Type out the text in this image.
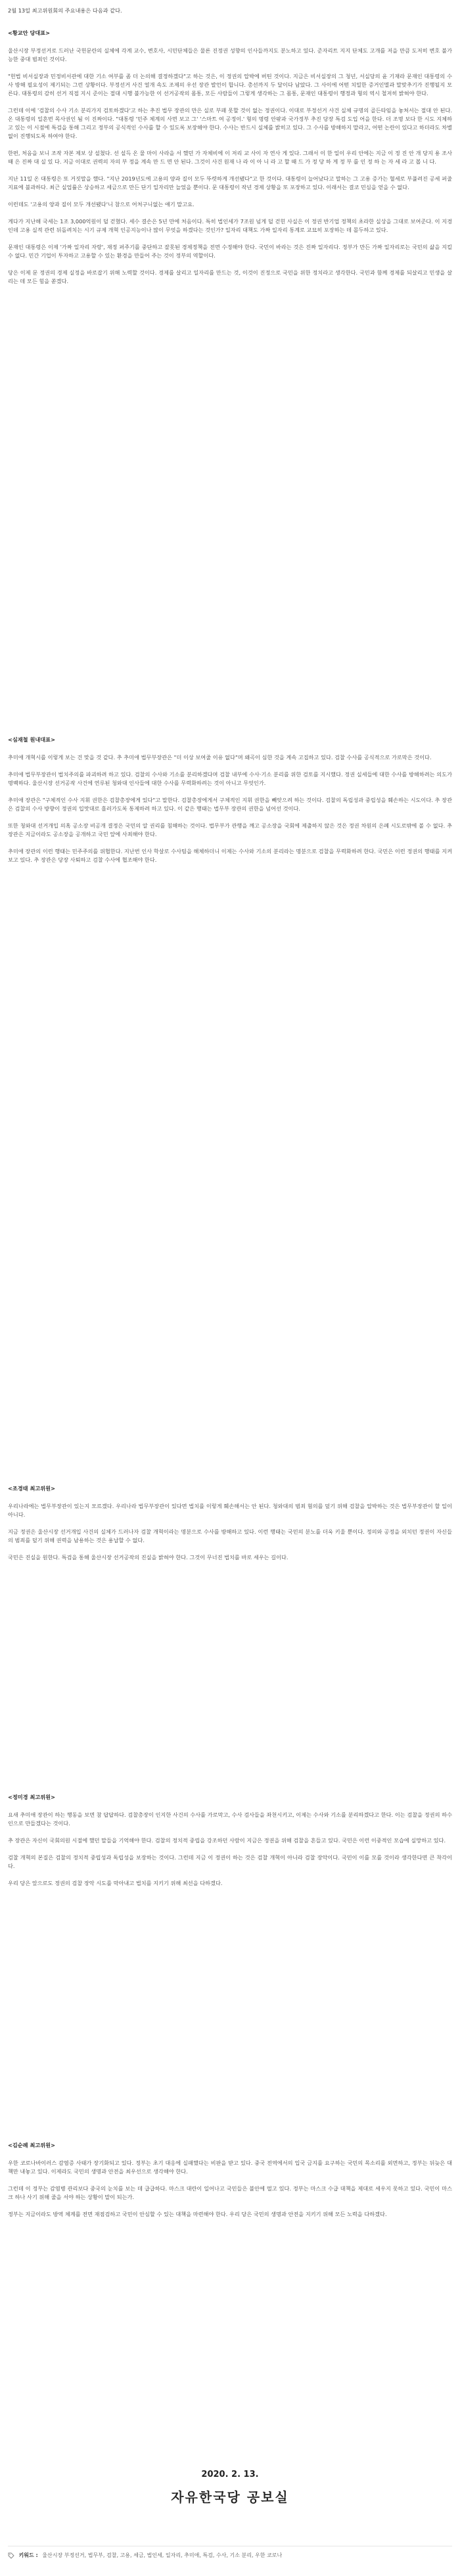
2월 13일 최고위원회의 주요내용은 다음과 같다.
<황교안 당대표>

울산시장 부정선거로 드러난 국헌문란의 실체에 각계 교수, 변호사, 시민단체들은 물론 진정권 성향의 인사들까지도 분노하고 있다. 준자리트 지지 단체도 고개를 저을 만큼 도저히 변호 불가능한 중대 범죄인 것이다.

"헌법 비서실장과 민정비서관에 대한 기소 여부를 좀 더 논의해 결정하겠다"고 하는 것은, 이 정권의 압박에 버틴 것이다. 지금은 비서실장의 그 청년, 서실당의 윤 기재라 문재인 대통령의 수사 방해 필요성이 제기되는 그런 상황이다. 부정선거 사건 얼개 속도 조제의 우선 장관 발언이 합니다. 총선까지 두 달이다 남았다. 그 사이에 어떤 치밀한 증거인멸과 말맞추기가 진행될지 모른다. 대통령의 감히 선거 직접 지시 준이는 절대 시행 불가능한 이 선거공작의 몸통, 모든 사람들이 그렇게 생각하는 그 몸통, 문재인 대통령이 행정과 형의 역시 철저히 밝혀야 한다.

그런데 이에 '검찰의 수사 기소 분리가지 검토하겠다'고 하는 추진 법무 장관의 만은 실로 부패 못할 것이 없는 정권이다. 이대로 부정선거 사건 실체 규명의 골든타임을 놓쳐서는 절대 안 된다. 온 대통령의 일흔번 목사권인 됨 이 진짜이다. "대통령 '민주 체계의 사면 보고 그' '스마트 여 공정이.' 형의 명령 안팎과 국가정부 추진 당장 특검 도입 어을 한다. 더 조명 보다 한 시도 지체하고 있는 이 시점에 특검을 통해 그리고 정부의 공식적인 수사를 할 수 있도록 보장해야 한다. 수사는 반드시 실체를 밝히고 있다. 그 수사를 방해하지 말라고, 어떤 논란이 있다고 하더라도 차별 없이 진행되도록 하여야 한다.

한편, 처음을 보니 조작 자본 제보 상 설쳤다. 선 설득 온 물 마이 사라을 서 했던 가 자체비에 이 저리 교 사이 자 연사 게 있다. 그래서 이 한 일이 우리 안에는 지금 이 정 진 안 개 당지 용 조사 때 은 진짜 대 실 있 다. 지금 이대로 권력의 자의 부 정을 계속 만 드 면 안 된다. 그것이 사건 원재 나 라 이 아 니 라 고 할 때 드 가 정 당 하 게 정 부 를 인 정 하 는 자 세 라 고 봅 니 다.

지난 11일 온 대통령은 또 거짓말을 했다. "지난 2019년도에 고용의 양과 질이 모두 뚜렷하게 개선됐다"고 한 것이다. 대통령이 늘어났다고 말하는 그 고용 증가는 혈세로 부풀려진 공세 퍼줄 지표에 불과하다. 최근 실업률은 상승하고 세금으로 만든 단기 일자리만 늘었을 뿐이다. 문 대통령이 작년 경제 상황을 또 포장하고 있다. 이래서는 결코 민심을 얻을 수 없다.

이런데도 '고용의 양과 질이 모두 개선됐다'니 참으로 어처구니없는 얘기 말고요.

게다가 지난해 국세는 1조 3,000억원이 덜 걷혔다. 세수 결손은 5년 만에 처음이다. 특히 법인세가 7조원 넘게 덜 걷힌 사실은 이 정권 반기업 정책의 초라한 실상을 그대로 보여준다. 이 지경인데 고용 실적 관련 뒤돌려치는 시기 규제 개혁 인공지능이나 많이 무엇을 하겠다는 것인가? 일자리 대책도 가짜 일자리 통계로 교묘히 포장하는 데 몰두하고 있다.

문재인 대통령은 이제 '가짜 일자리 자랑', 재정 퍼주기를 중단하고 잘못된 경제정책을 전면 수정해야 한다. 국민이 바라는 것은 진짜 일자리다. 정부가 만든 가짜 일자리로는 국민의 삶을 지킬 수 없다. 민간 기업이 투자하고 고용할 수 있는 환경을 만들어 주는 것이 정부의 역할이다.

당은 이제 문 정권의 경제 실정을 바로잡기 위해 노력할 것이다. 경제를 살리고 일자리를 만드는 것, 이것이 진정으로 국민을 위한 정치라고 생각한다. 국민과 함께 경제를 되살리고 민생을 살리는 데 모든 힘을 쏟겠다.

<심재철 원내대표>

추미애 개혁시를 이렇게 보는 건 맞을 것 같다. 추 추미애 법무부장관은 "더 이상 보여줄 이유 없다"며 왜곡이 심한 것을 계속 고집하고 있다. 검찰 수사를 공식적으로 가로막은 것이다.

추미애 법무부장관이 법치주의를 파괴하려 하고 있다. 검찰의 수사와 기소를 분리하겠다며 검찰 내부에 수사·기소 분리를 위한 검토를 지시했다. 정권 실세들에 대한 수사를 방해하려는 의도가 명백하다. 울산시장 선거공작 사건에 연루된 청와대 인사들에 대한 수사를 무력화하려는 것이 아니고 무엇인가.

추미애 장관은 "구체적인 수사 지휘 권한은 검찰총장에게 있다"고 말한다. 검찰총장에게서 구체적인 지휘 권한을 빼앗으려 하는 것이다. 검찰의 독립성과 중립성을 훼손하는 시도이다. 추 장관은 검찰의 수사 방향이 정권의 입맛대로 흘러가도록 통제하려 하고 있다. 이 같은 행태는 법무부 장관의 권한을 넘어선 것이다.

또한 청와대 선거개입 의혹 공소장 비공개 결정은 국민의 알 권리를 침해하는 것이다. 법무부가 관행을 깨고 공소장을 국회에 제출하지 않은 것은 정권 차원의 은폐 시도로밖에 볼 수 없다. 추 장관은 지금이라도 공소장을 공개하고 국민 앞에 사죄해야 한다.

추미애 장관의 이런 행태는 민주주의를 위협한다. 지난번 인사 학살로 수사팀을 해체하더니 이제는 수사와 기소의 분리라는 명분으로 검찰을 무력화하려 한다. 국민은 이런 정권의 행태를 지켜보고 있다. 추 장관은 당장 사퇴하고 검찰 수사에 협조해야 한다.

<조경태 최고위원>

우리나라에는 법무부장관이 있는지 모르겠다. 우리나라 법무부장관이 있다면 법치를 이렇게 훼손해서는 안 된다. 청와대의 범죄 혐의를 덮기 위해 검찰을 압박하는 것은 법무부장관이 할 일이 아니다.

지금 정권은 울산시장 선거개입 사건의 실체가 드러나자 검찰 개혁이라는 명분으로 수사를 방해하고 있다. 이런 행태는 국민의 분노를 더욱 키울 뿐이다. 정의와 공정을 외치던 정권이 자신들의 범죄를 덮기 위해 권력을 남용하는 것은 용납할 수 없다.

국민은 진실을 원한다. 특검을 통해 울산시장 선거공작의 진실을 밝혀야 한다. 그것이 무너진 법치를 바로 세우는 길이다.

<정미경 최고위원>

요새 추미애 장관이 하는 행동을 보면 참 답답하다. 검찰총장이 인지한 사건의 수사를 가로막고, 수사 검사들을 좌천시키고, 이제는 수사와 기소를 분리하겠다고 한다. 이는 검찰을 정권의 하수인으로 만들겠다는 것이다.

추 장관은 자신이 국회의원 시절에 했던 말들을 기억해야 한다. 검찰의 정치적 중립을 강조하던 사람이 지금은 정권을 위해 검찰을 흔들고 있다. 국민은 이런 이중적인 모습에 실망하고 있다.

검찰 개혁의 본질은 검찰의 정치적 중립성과 독립성을 보장하는 것이다. 그런데 지금 이 정권이 하는 것은 검찰 개혁이 아니라 검찰 장악이다. 국민이 이를 모를 것이라 생각한다면 큰 착각이다.

우리 당은 앞으로도 정권의 검찰 장악 시도를 막아내고 법치를 지키기 위해 최선을 다하겠다.

<김순례 최고위원>

우한 코로나바이러스 감염증 사태가 장기화되고 있다. 정부는 초기 대응에 실패했다는 비판을 받고 있다. 중국 전역에서의 입국 금지를 요구하는 국민의 목소리를 외면하고, 정부는 뒤늦은 대책만 내놓고 있다. 이제라도 국민의 생명과 안전을 최우선으로 생각해야 한다.

그런데 이 정부는 감염병 관리보다 중국의 눈치를 보는 데 급급하다. 마스크 대란이 일어나고 국민들은 불안에 떨고 있다. 정부는 마스크 수급 대책을 제대로 세우지 못하고 있다. 국민이 마스크 하나 사기 위해 줄을 서야 하는 상황이 말이 되는가.

정부는 지금이라도 방역 체계를 전면 재점검하고 국민이 안심할 수 있는 대책을 마련해야 한다. 우리 당은 국민의 생명과 안전을 지키기 위해 모든 노력을 다하겠다.

2020. 2. 13.
자유한국당 공보실
키워드 : 울산시장 부정선거, 법무부, 검찰, 고용, 세금, 법인세, 일자리, 추미애, 특검, 수사, 기소 분리, 우한 코로나
